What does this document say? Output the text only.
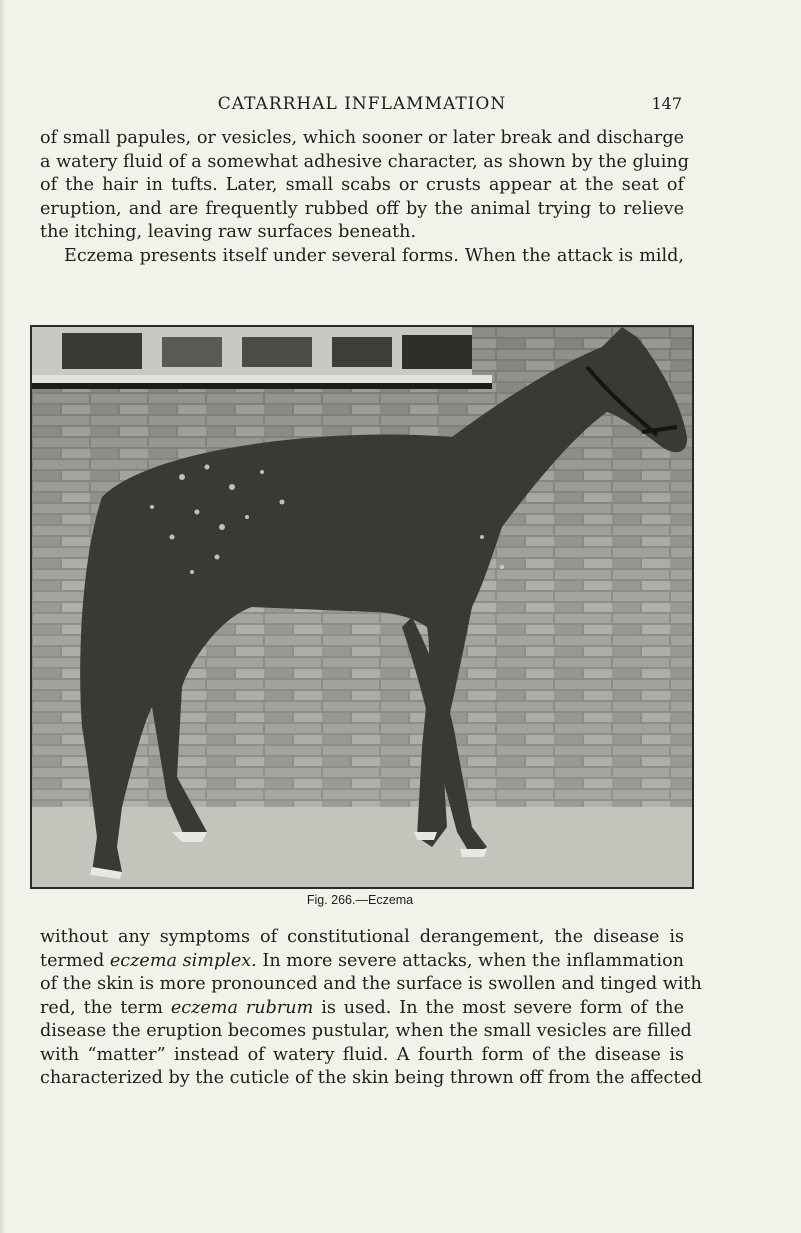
CATARRHAL INFLAMMATION	147
of small papules, or vesicles, which sooner or later break and discharge
a watery fluid of a somewhat adhesive character, as shown by the gluing
of the hair in tufts. Later, small scabs or crusts appear at the seat of
eruption, and are frequently rubbed off by the animal trying to relieve
the itching, leaving raw surfaces beneath.
Eczema presents itself under several forms. When the attack is mild,
Fig. 266.—Eczema
without any symptoms of constitutional derangement, the disease is
termed eczema simplex. In more severe attacks, when the inflammation
of the skin is more pronounced and the surface is swollen and tinged with
red, the term eczema rubrum is used. In the most severe form of the
disease the eruption becomes pustular, when the small vesicles are filled
with “matter” instead of watery fluid. A fourth form of the disease is
characterized by the cuticle of the skin being thrown off from the affected
